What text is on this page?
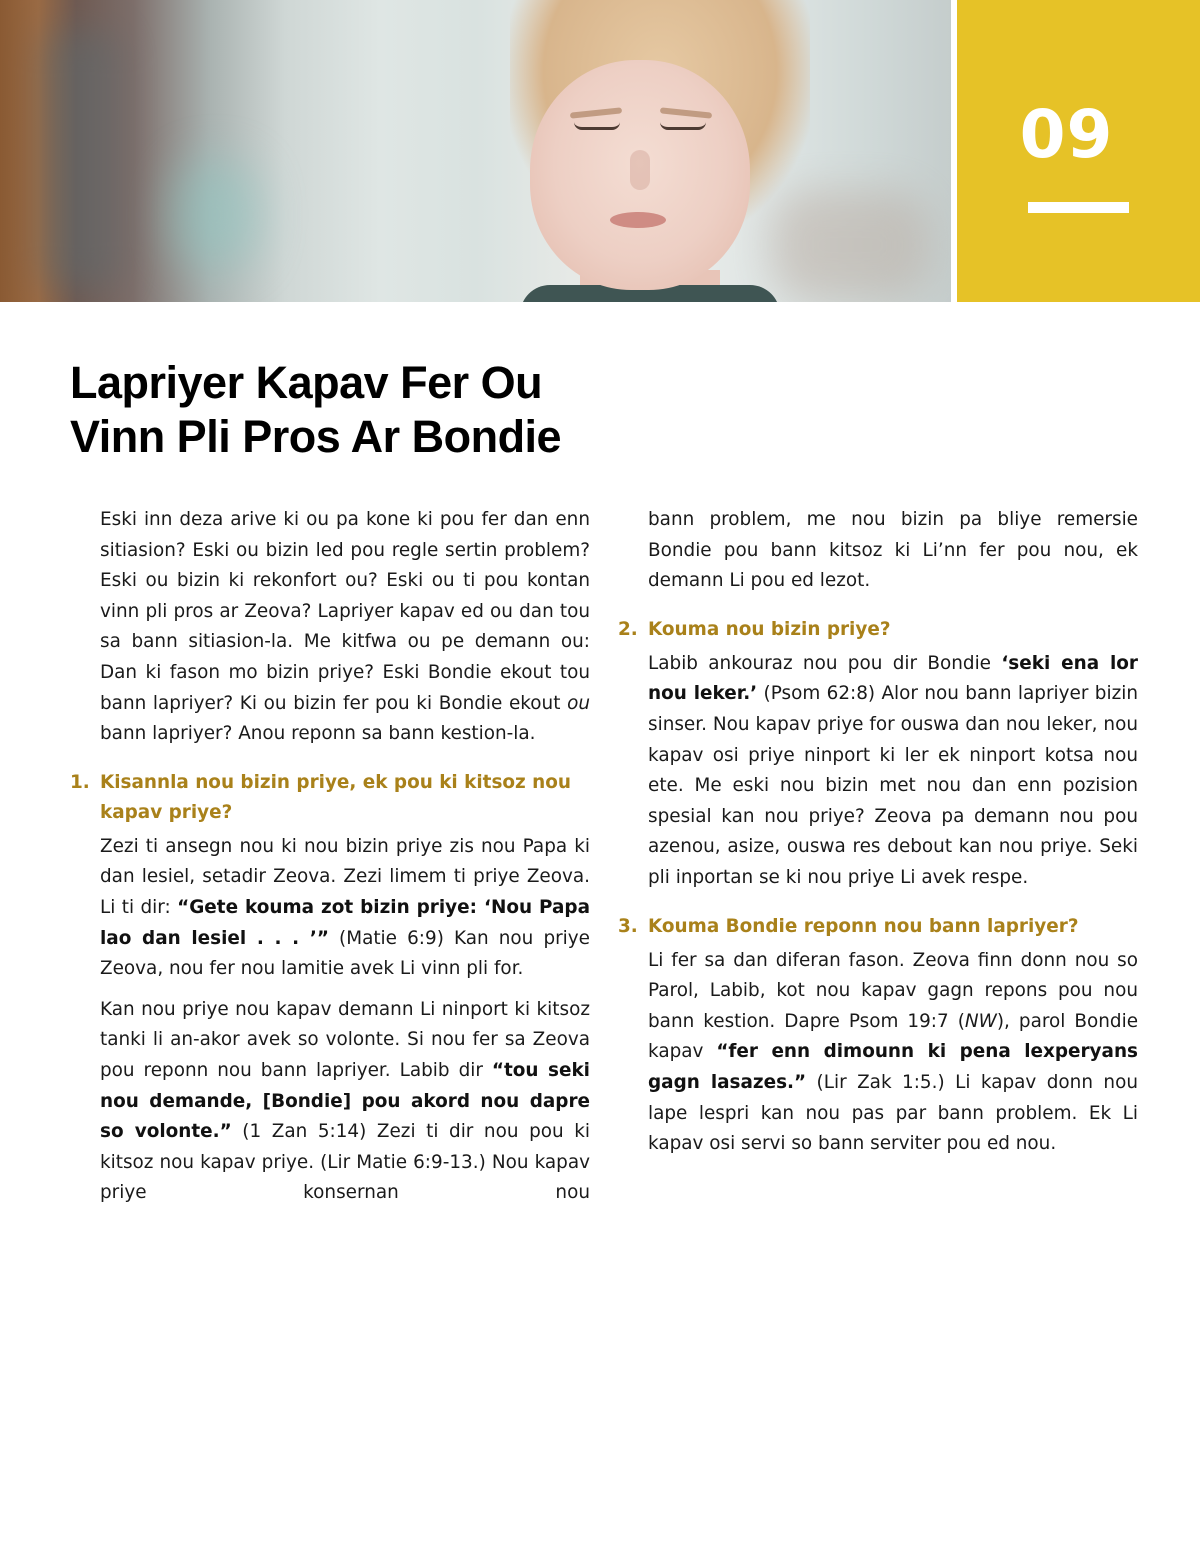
09
Lapriyer Kapav Fer Ou
Vinn Pli Pros Ar Bondie

Eski inn deza arive ki ou pa kone ki pou fer dan enn sitiasion? Eski ou bizin led pou regle sertin problem? Eski ou bizin ki rekonfort ou? Eski ou ti pou kontan vinn pli pros ar Zeova? Lapriyer kapav ed ou dan tou sa bann sitiasion-la. Me kitfwa ou pe demann ou: Dan ki fason mo bizin priye? Eski Bondie ekout tou bann lapriyer? Ki ou bizin fer pou ki Bondie ekout ou bann lapriyer? Anou reponn sa bann kestion-la.

1. Kisannla nou bizin priye, ek pou ki kitsoz nou kapav priye?

Zezi ti ansegn nou ki nou bizin priye zis nou Papa ki dan lesiel, setadir Zeova. Zezi limem ti priye Zeova. Li ti dir: “Gete kouma zot bizin priye: ‘Nou Papa lao dan lesiel . . . ’” (Matie 6:9) Kan nou priye Zeova, nou fer nou lamitie avek Li vinn pli for.

Kan nou priye nou kapav demann Li ninport ki kitsoz tanki li an-akor avek so volonte. Si nou fer sa Zeova pou reponn nou bann lapriyer. Labib dir “tou seki nou demande, [Bondie] pou akord nou dapre so volonte.” (1 Zan 5:14) Zezi ti dir nou pou ki kitsoz nou kapav priye. (Lir Matie 6:9-13.) Nou kapav priye konsernan nou

bann problem, me nou bizin pa bliye remersie Bondie pou bann kitsoz ki Li’nn fer pou nou, ek demann Li pou ed lezot.

2. Kouma nou bizin priye?

Labib ankouraz nou pou dir Bondie ‘seki ena lor nou leker.’ (Psom 62:8) Alor nou bann lapriyer bizin sinser. Nou kapav priye for ouswa dan nou leker, nou kapav osi priye ninport ki ler ek ninport kotsa nou ete. Me eski nou bizin met nou dan enn pozision spesial kan nou priye? Zeova pa demann nou pou azenou, asize, ouswa res debout kan nou priye. Seki pli inportan se ki nou priye Li avek respe.

3. Kouma Bondie reponn nou bann lapriyer?

Li fer sa dan diferan fason. Zeova finn donn nou so Parol, Labib, kot nou kapav gagn repons pou nou bann kestion. Dapre Psom 19:7 (NW), parol Bondie kapav “fer enn dimounn ki pena lexperyans gagn lasazes.” (Lir Zak 1:5.) Li kapav donn nou lape lespri kan nou pas par bann problem. Ek Li kapav osi servi so bann serviter pou ed nou.
